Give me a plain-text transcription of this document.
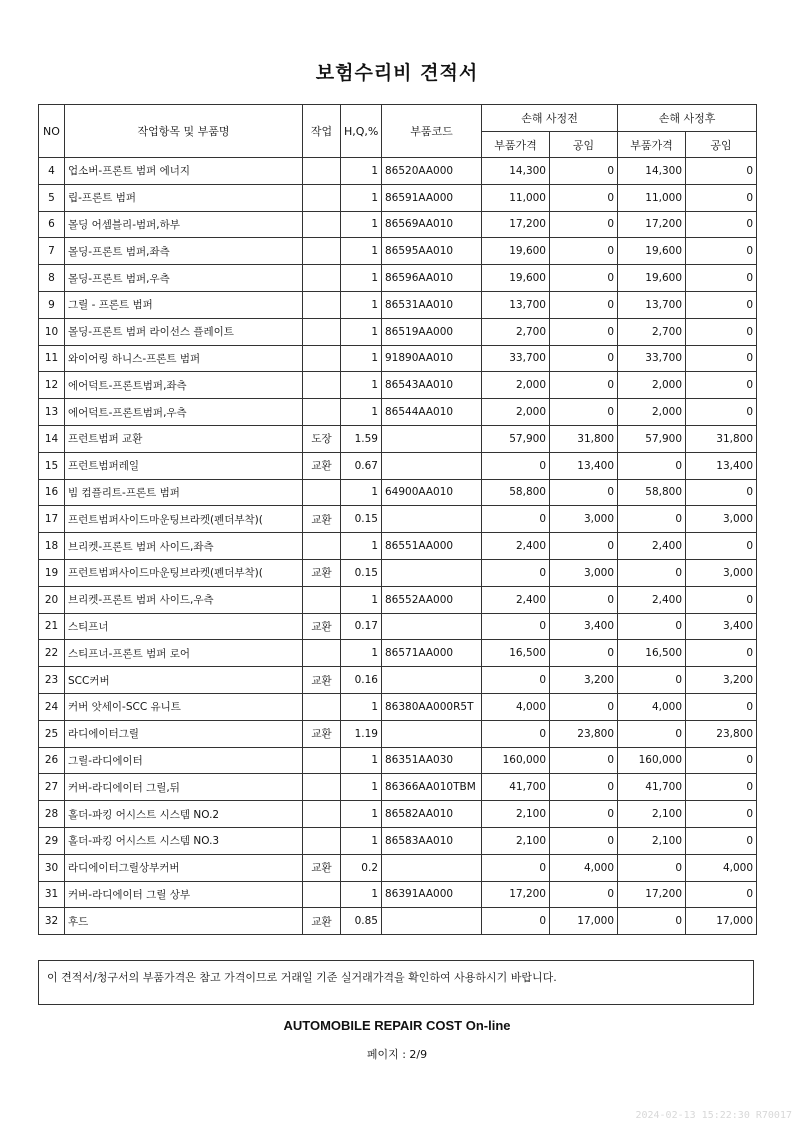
보험수리비 견적서
NO	작업항목 및 부품명	작업	H,Q,%	부품코드	손해 사정전		손해 사정후	
					부품가격	공임	부품가격	공임
4	업소버-프론트 범퍼 에너지		1	86520AA000	14,300	0	14,300	0
5	립-프론트 범퍼		1	86591AA000	11,000	0	11,000	0
6	몰딩 어셈블리-범퍼,하부		1	86569AA010	17,200	0	17,200	0
7	몰딩-프론트 범퍼,좌측		1	86595AA010	19,600	0	19,600	0
8	몰딩-프론트 범퍼,우측		1	86596AA010	19,600	0	19,600	0
9	그릴 - 프론트 범퍼		1	86531AA010	13,700	0	13,700	0
10	몰딩-프론트 범퍼 라이선스 플레이트		1	86519AA000	2,700	0	2,700	0
11	와이어링 하니스-프론트 범퍼		1	91890AA010	33,700	0	33,700	0
12	에어덕트-프론트범퍼,좌측		1	86543AA010	2,000	0	2,000	0
13	에어덕트-프론트범퍼,우측		1	86544AA010	2,000	0	2,000	0
14	프런트범퍼 교환	도장	1.59		57,900	31,800	57,900	31,800
15	프런트범퍼레일	교환	0.67		0	13,400	0	13,400
16	빔 컴플리트-프론트 범퍼		1	64900AA010	58,800	0	58,800	0
17	프런트범퍼사이드마운팅브라켓(펜더부착)(	교환	0.15		0	3,000	0	3,000
18	브리켓-프론트 범퍼 사이드,좌측		1	86551AA000	2,400	0	2,400	0
19	프런트범퍼사이드마운팅브라켓(펜더부착)(	교환	0.15		0	3,000	0	3,000
20	브리켓-프론트 범퍼 사이드,우측		1	86552AA000	2,400	0	2,400	0
21	스티프너	교환	0.17		0	3,400	0	3,400
22	스티프너-프론트 범퍼 로어		1	86571AA000	16,500	0	16,500	0
23	SCC커버	교환	0.16		0	3,200	0	3,200
24	커버 앗세이-SCC 유니트		1	86380AA000R5T	4,000	0	4,000	0
25	라디에이터그릴	교환	1.19		0	23,800	0	23,800
26	그릴-라디에이터		1	86351AA030	160,000	0	160,000	0
27	커버-라디에이터 그릴,뒤		1	86366AA010TBM	41,700	0	41,700	0
28	홀더-파킹 어시스트 시스템 NO.2		1	86582AA010	2,100	0	2,100	0
29	홀더-파킹 어시스트 시스템 NO.3		1	86583AA010	2,100	0	2,100	0
30	라디에이터그릴상부커버	교환	0.2		0	4,000	0	4,000
31	커버-라디에이터 그릴 상부		1	86391AA000	17,200	0	17,200	0
32	후드	교환	0.85		0	17,000	0	17,000
이 견적서/청구서의 부품가격은 참고 가격이므로 거래일 기준 실거래가격을 확인하여 사용하시기 바랍니다.
AUTOMOBILE REPAIR COST On-line
페이지 : 2/9
2024-02-13 15:22:30 R70017
